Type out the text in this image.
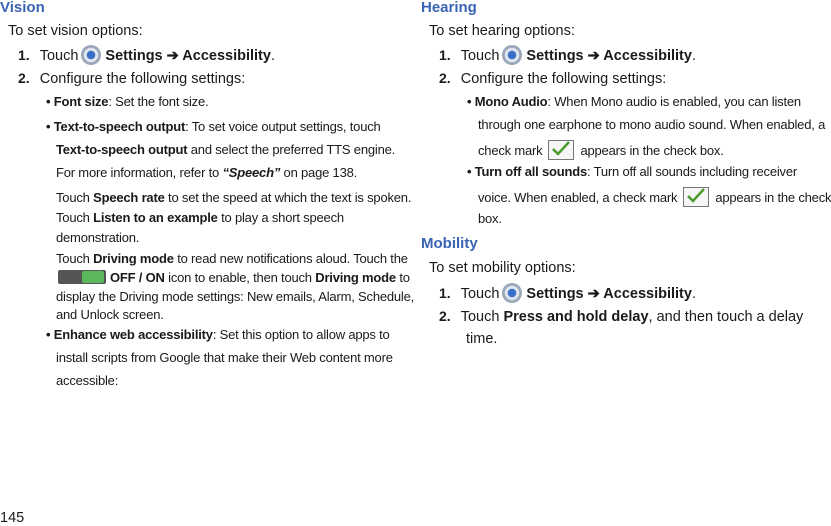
Vision
To set vision options:
1. Touch Settings ➔ Accessibility.
2. Configure the following settings:
• Font size: Set the font size.
• Text-to-speech output: To set voice output settings, touch
Text-to-speech output and select the preferred TTS engine.
For more information, refer to “Speech” on page 138.
Touch Speech rate to set the speed at which the text is spoken.
Touch Listen to an example to play a short speech
demonstration.
Touch Driving mode to read new notifications aloud. Touch the
OFF / ON icon to enable, then touch Driving mode to
display the Driving mode settings: New emails, Alarm, Schedule,
and Unlock screen.
• Enhance web accessibility: Set this option to allow apps to
install scripts from Google that make their Web content more
accessible:
145
Hearing
To set hearing options:
1. Touch Settings ➔ Accessibility.
2. Configure the following settings:
• Mono Audio: When Mono audio is enabled, you can listen
through one earphone to mono audio sound. When enabled, a
check mark	appears in the check box.
• Turn off all sounds: Turn off all sounds including receiver
voice. When enabled, a check mark	appears in the check
box.
Mobility
To set mobility options:
1. Touch Settings ➔ Accessibility.
2. Touch Press and hold delay, and then touch a delay
time.
